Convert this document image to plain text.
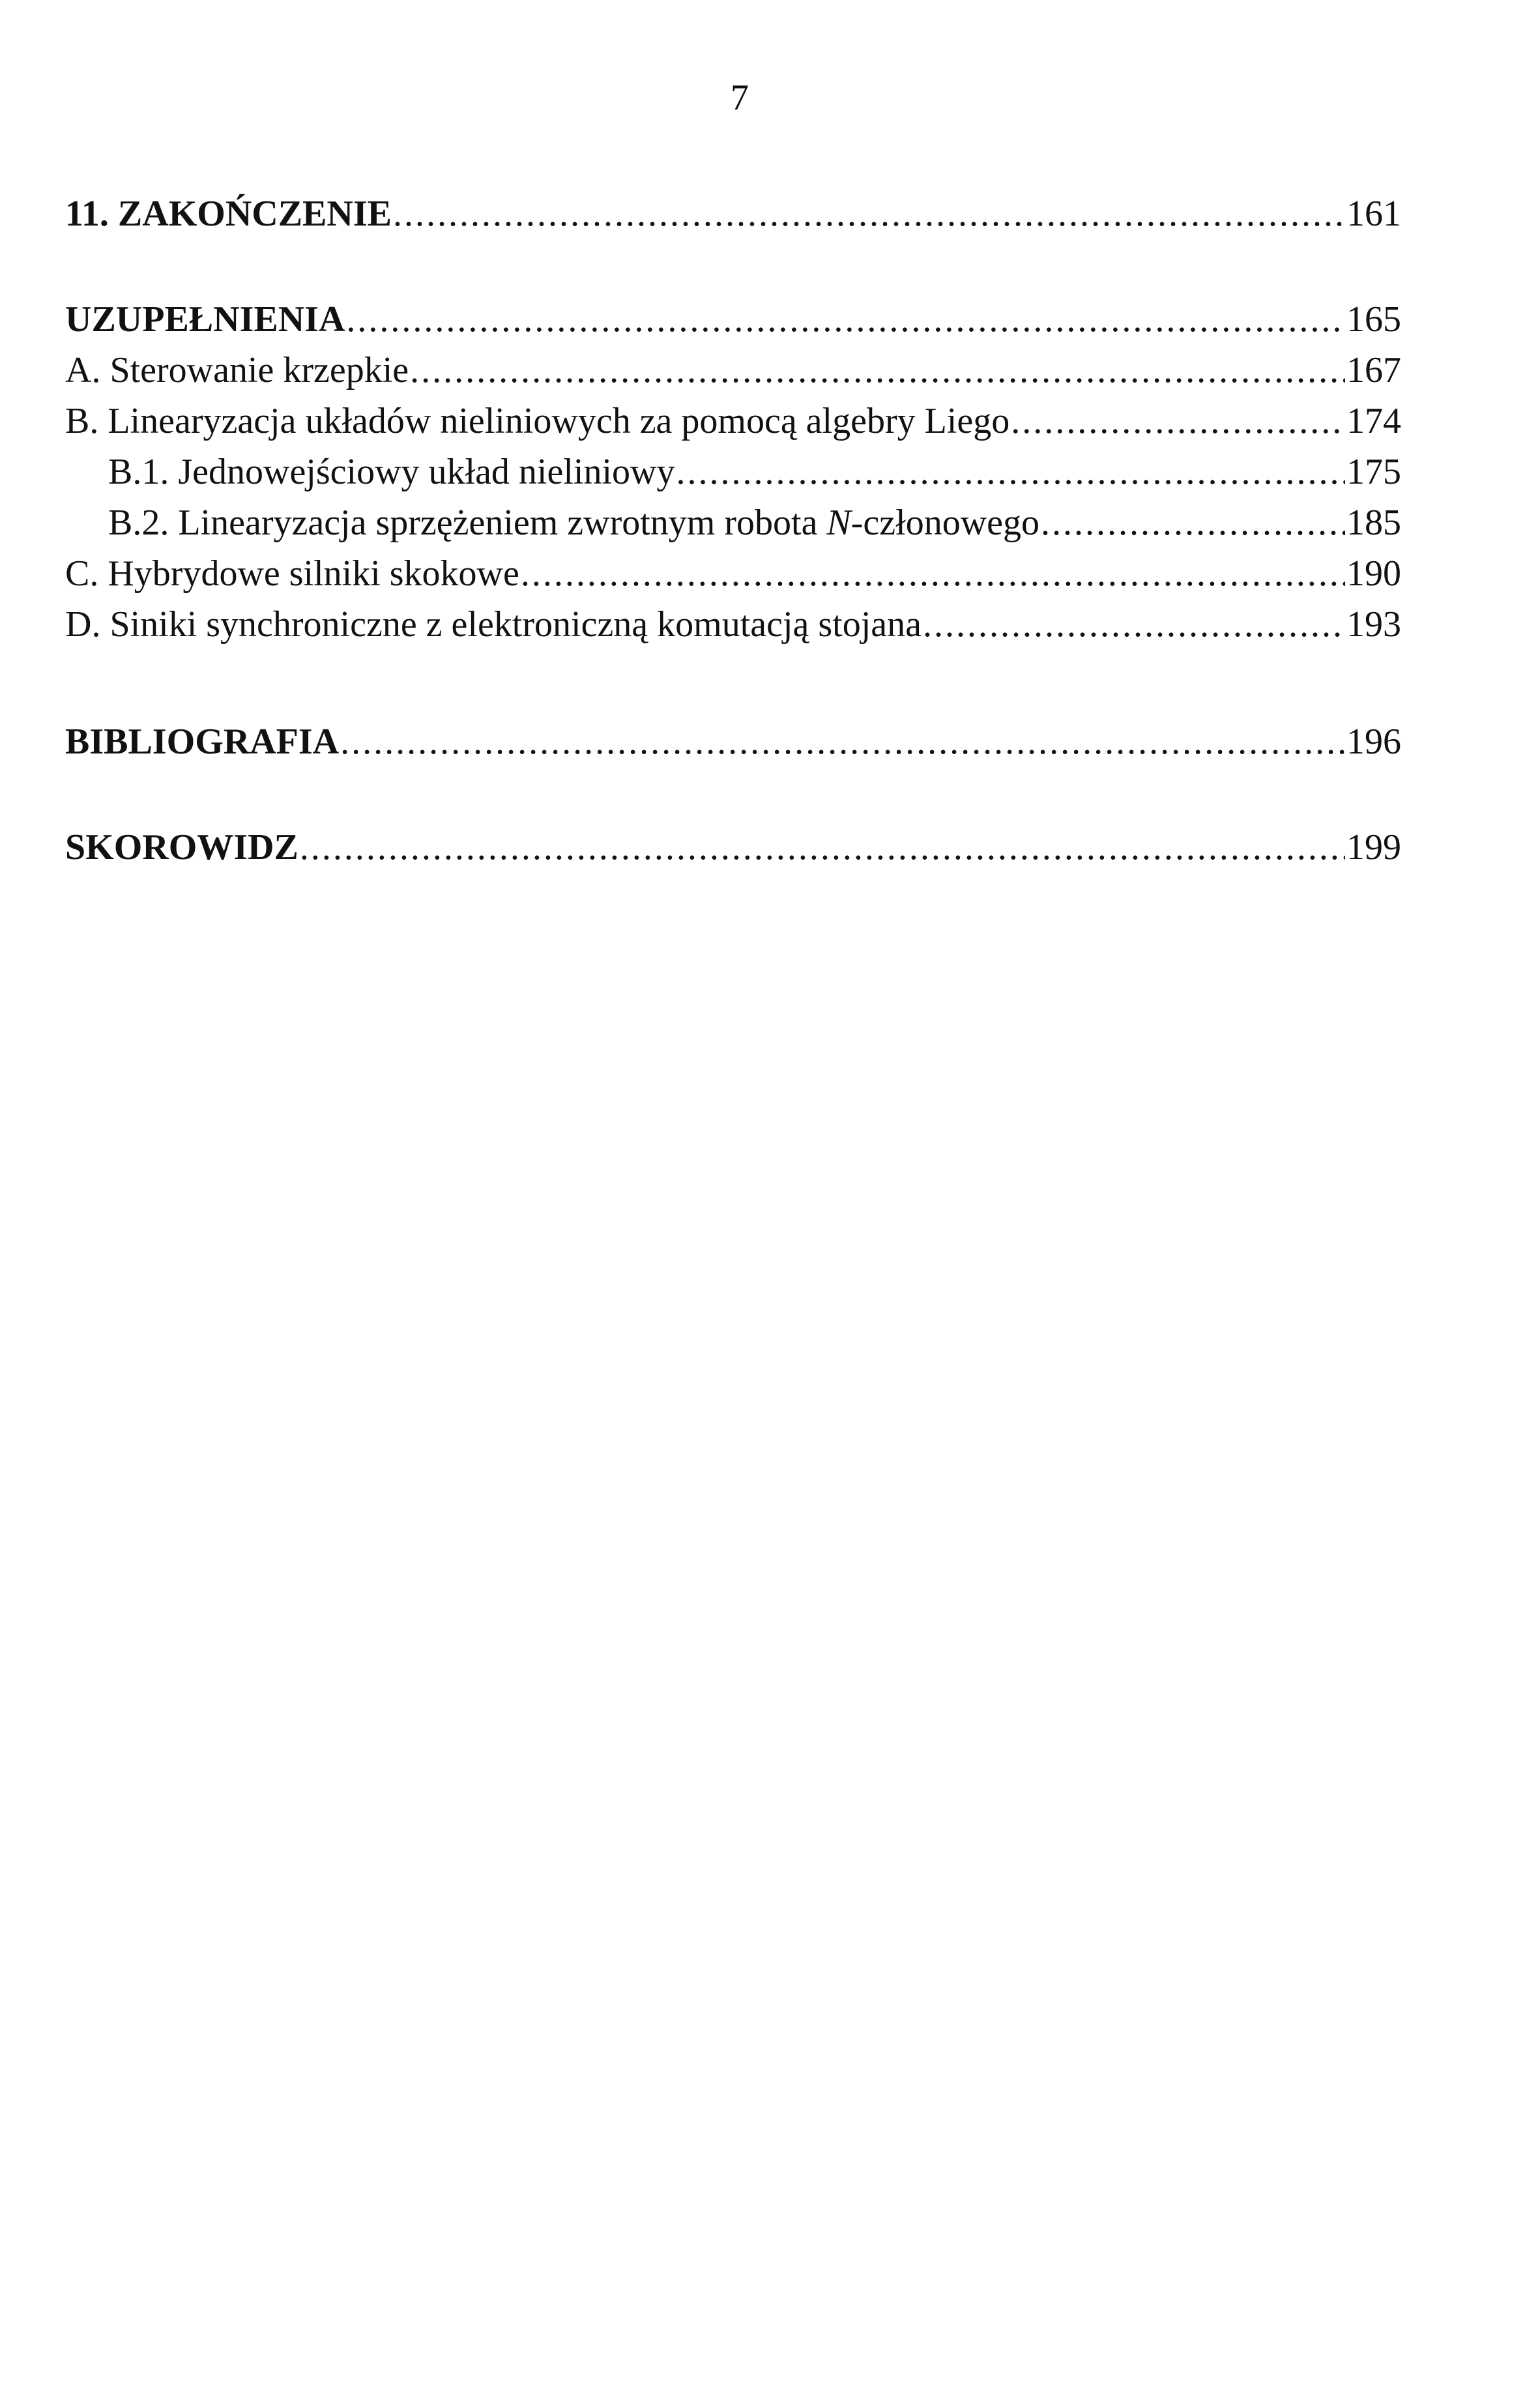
7
11. ZAKOŃCZENIE .....	161
UZUPEŁNIENIA .....	165
A. Sterowanie krzepkie .....	167
B. Linearyzacja układów nieliniowych za pomocą algebry Liego .....	174
B.1. Jednowejściowy układ nieliniowy .....	175
B.2. Linearyzacja sprzężeniem zwrotnym robota N-członowego .....	185
C. Hybrydowe silniki skokowe .....	190
D. Siniki synchroniczne z elektroniczną komutacją stojana .....	193
BIBLIOGRAFIA .....	196
SKOROWIDZ .....	199
